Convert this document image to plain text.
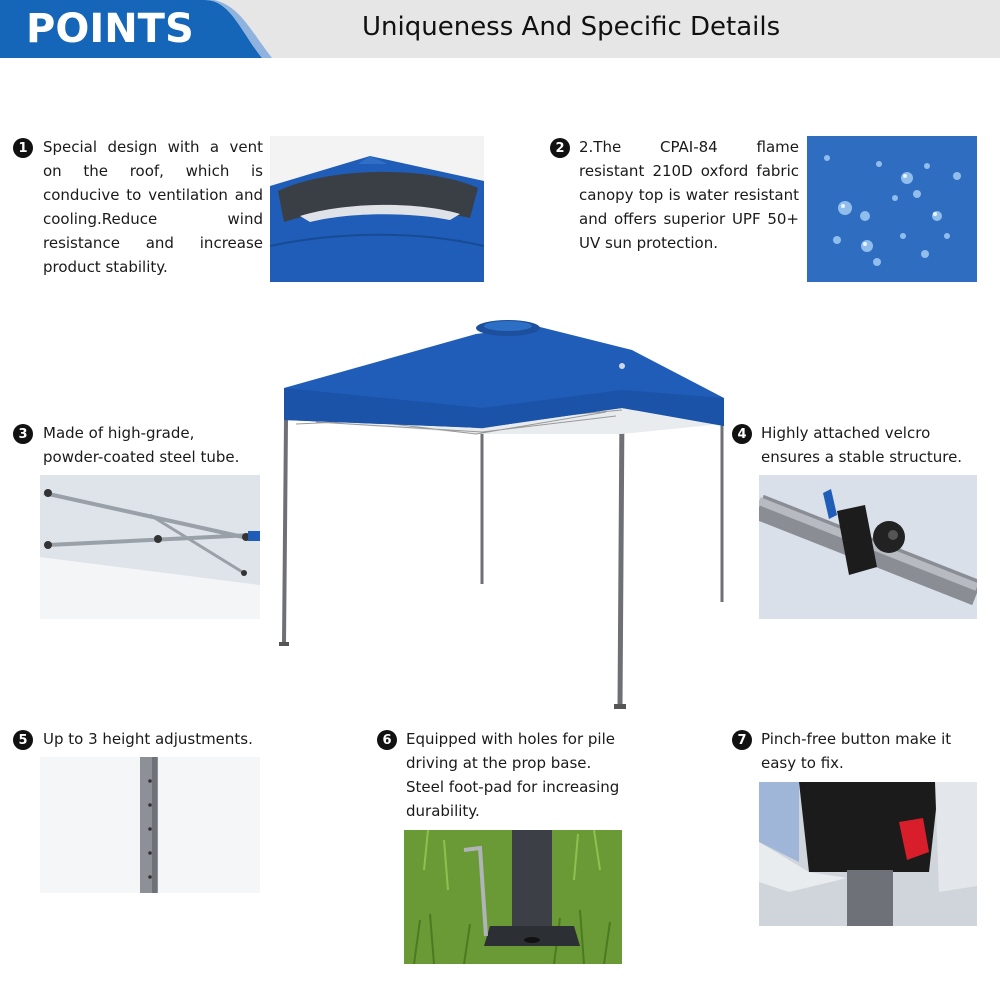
POINTS	Uniqueness And Specific Details
1	Special design with a vent on the roof, which is conducive to ventilation and cooling.Reduce wind resistance and increase product stability.
2 2.The CPAI-84 flame resistant 210D oxford fabric canopy top is water resistant and offers superior UPF 50+ UV sun protection.
3	Made of high-grade, powder-coated steel tube.
4 Highly attached velcro ensures a stable structure.
5	Up to 3 height adjustments.	6 Equipped with holes for pile driving at the prop base. Steel foot-pad for increasing durability.
7 Pinch-free button make it easy to fix.
